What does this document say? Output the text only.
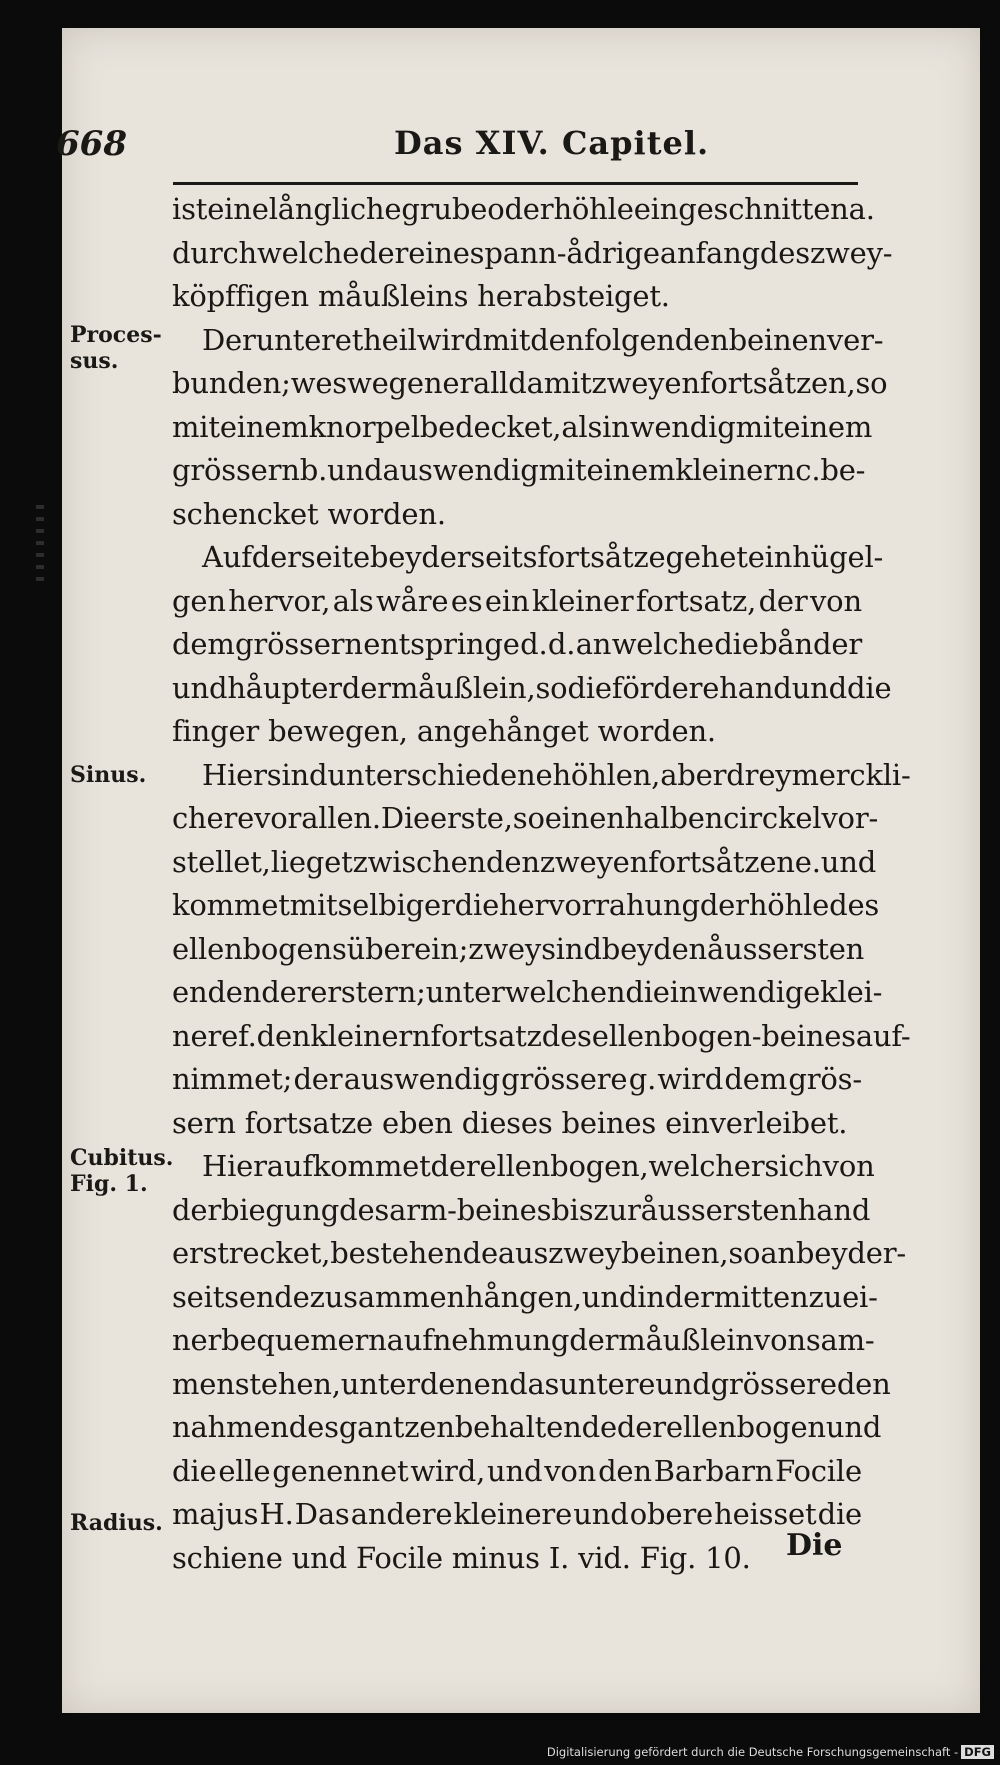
668	Das XIV. Capitel.
Proces-
sus.
Sinus.
Cubitus.
Fig. 1.
Radius.
ist eine långliche grube oder höhle eingeschnitten a.
durch welche der eine spann-ådrige anfang des zwey-
köpffigen måußleins herabsteiget.
Der untere theil wird mit den folgenden beinen ver-
bunden; weswegen er allda mit zweyen fortsåtzen, so
mit einem knorpel bedecket, als inwendig mit einem
grössern b. und auswendig mit einem kleinern c. be-
schencket worden.
Auf der seite beyderseits fortsåtze gehet ein hügel-
gen hervor, als wåre es ein kleiner fortsatz, der von
dem grössern entspringe d. d. an welche die bånder
und håupter der måußlein, so die fördere hand und die
finger bewegen, angehånget worden.
Hier sind unterschiedene höhlen, aber drey merckli-
chere vor allen. Die erste, so einen halben circkel vor-
stellet, lieget zwischen den zweyen fortsåtzen e. und
kommet mit selbiger die hervorrahung der höhle des
ellenbogens überein; zwey sind bey den åussersten
enden der erstern; unter welchen die inwendige klei-
nere f. den kleinern fortsatz des ellenbogen-beines auf-
nimmet; der auswendig grössere g. wird dem grös-
sern fortsatze eben dieses beines einverleibet.
Hierauf kommet der ellenbogen, welcher sich von
der biegung des arm-beines bis zur åussersten hand
erstrecket, bestehende aus zwey beinen, so an beyder-
seits ende zusammen hången, und in der mitten zu ei-
ner bequemern aufnehmung der måußlein von sam-
men stehen, unter denen das untere und grössere den
nahmen des gantzen behaltende der ellenbogen und
die elle genennet wird, und von den Barbarn Focile
majus H. Das andere kleinere und obere heisset die
schiene und Focile minus I. vid. Fig. 10.	Die
Digitalisierung gefördert durch die Deutsche Forschungsgemeinschaft - DFG
